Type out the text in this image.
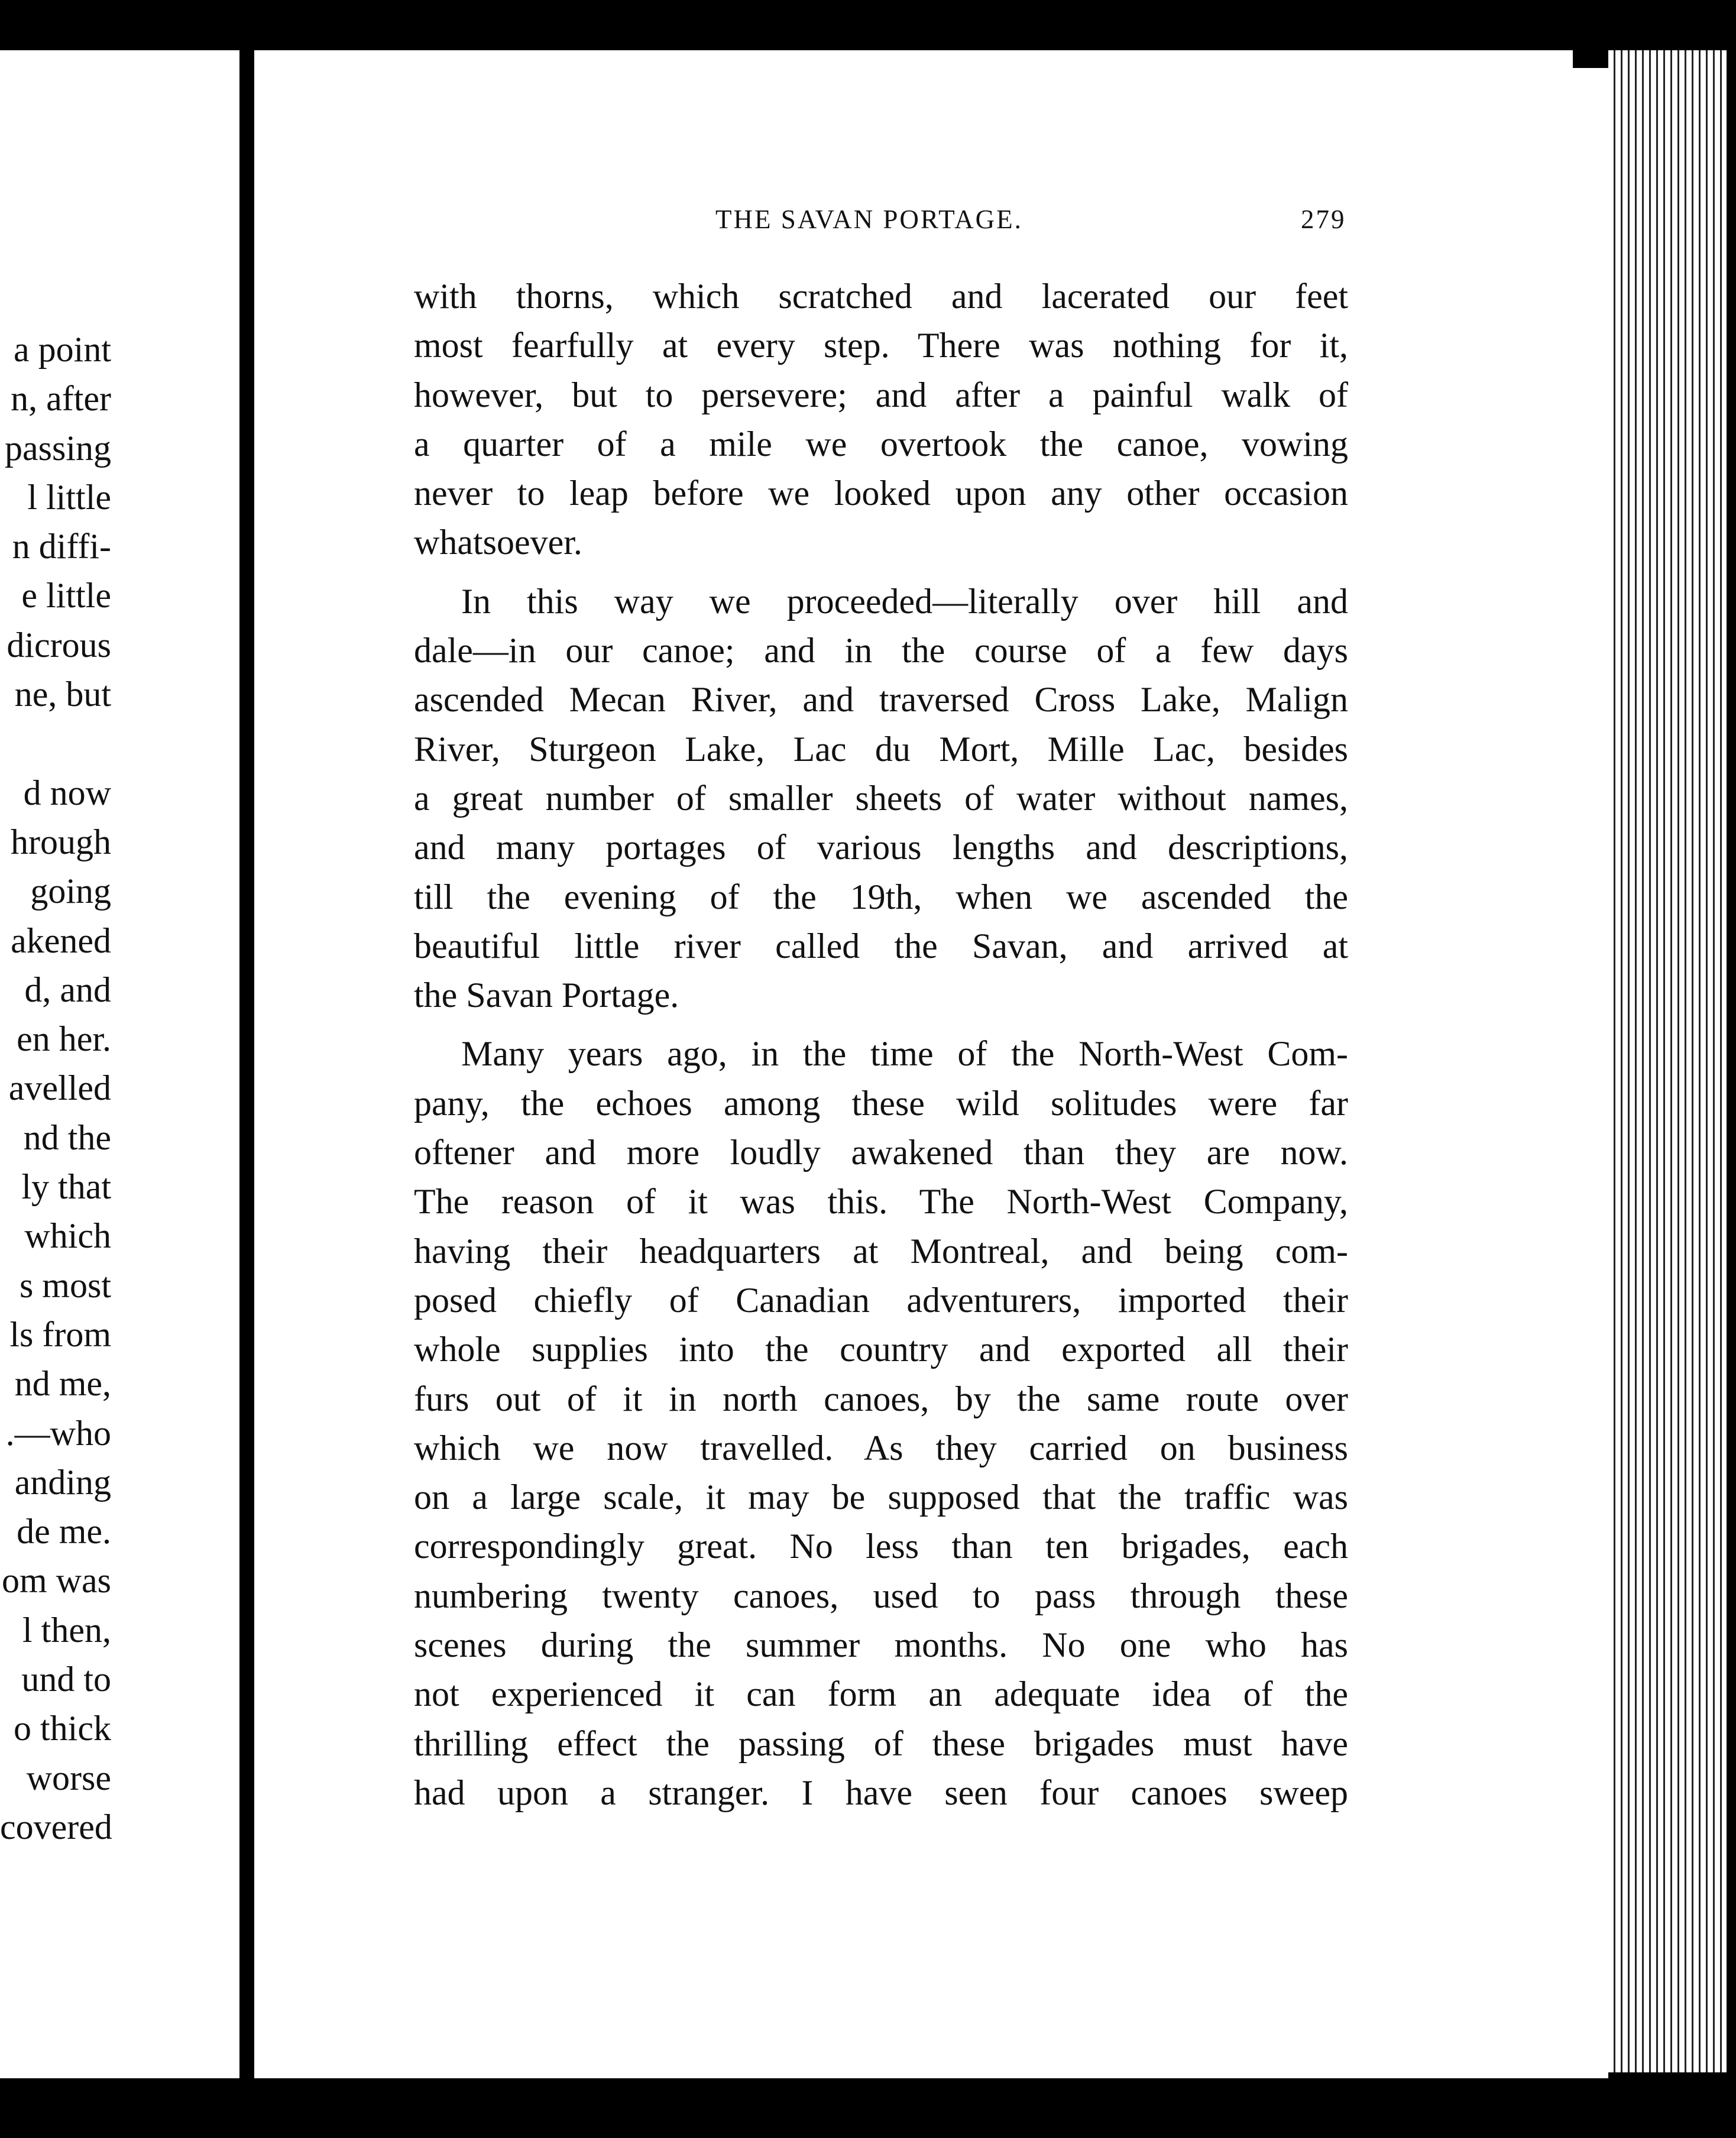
a point
n, after
passing
l little
n diffi-
e little
dicrous
ne, but
d now
hrough
going
akened
d, and
en her.
avelled
nd the
ly that
which
s most
ls from
nd me,
.—who
anding
de me.
om was
l then,
und to
o thick
worse
covered
THE SAVAN PORTAGE.	279
with thorns, which scratched and lacerated our feet
most fearfully at every step. There was nothing for it,
however, but to persevere; and after a painful walk of
a quarter of a mile we overtook the canoe, vowing
never to leap before we looked upon any other occasion
whatsoever.
In this way we proceeded—literally over hill and
dale—in our canoe; and in the course of a few days
ascended Mecan River, and traversed Cross Lake, Malign
River, Sturgeon Lake, Lac du Mort, Mille Lac, besides
a great number of smaller sheets of water without names,
and many portages of various lengths and descriptions,
till the evening of the 19th, when we ascended the
beautiful little river called the Savan, and arrived at
the Savan Portage.
Many years ago, in the time of the North-West Com-
pany, the echoes among these wild solitudes were far
oftener and more loudly awakened than they are now.
The reason of it was this. The North-West Company,
having their headquarters at Montreal, and being com-
posed chiefly of Canadian adventurers, imported their
whole supplies into the country and exported all their
furs out of it in north canoes, by the same route over
which we now travelled. As they carried on business
on a large scale, it may be supposed that the traffic was
correspondingly great. No less than ten brigades, each
numbering twenty canoes, used to pass through these
scenes during the summer months. No one who has
not experienced it can form an adequate idea of the
thrilling effect the passing of these brigades must have
had upon a stranger. I have seen four canoes sweep
